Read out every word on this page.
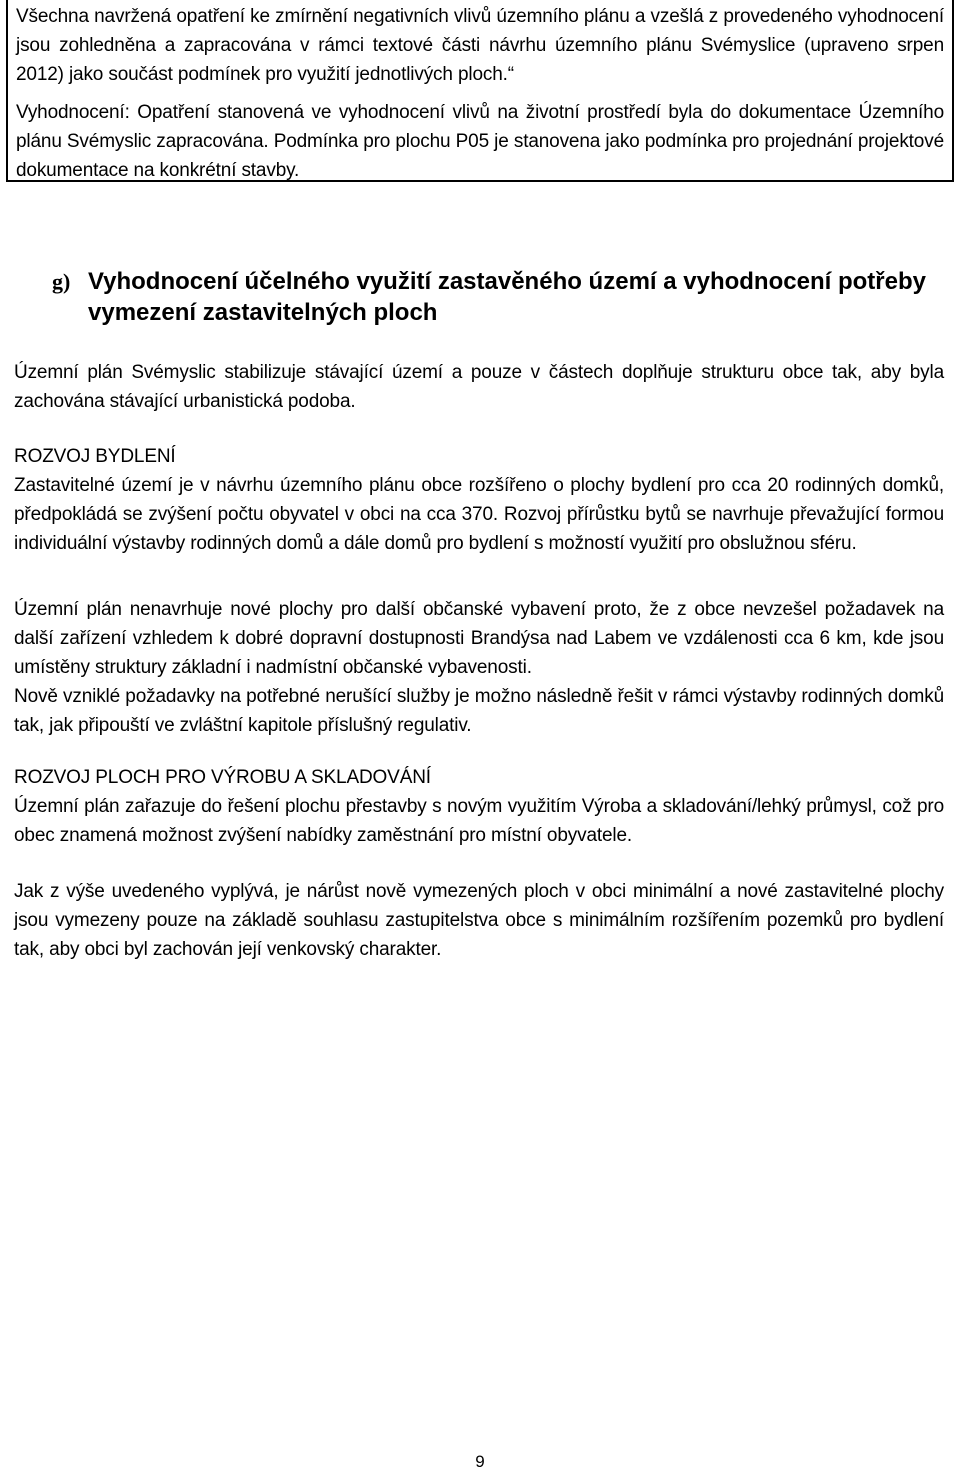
Všechna navržená opatření ke zmírnění negativních vlivů územního plánu a vzešlá z provedeného vyhodnocení jsou zohledněna a zapracována v rámci textové části návrhu územního plánu Svémyslice (upraveno srpen 2012) jako součást podmínek pro využití jednotlivých ploch.“

Vyhodnocení: Opatření stanovená ve vyhodnocení vlivů na životní prostředí byla do dokumentace Územního plánu Svémyslic zapracována. Podmínka pro plochu P05 je stanovena jako podmínka pro projednání projektové dokumentace na konkrétní stavby.

g) Vyhodnocení účelného využití zastavěného území a vyhodnocení potřeby
vymezení zastavitelných ploch

Územní plán Svémyslic stabilizuje stávající území a pouze v částech doplňuje strukturu obce tak, aby byla zachována stávající urbanistická podoba.

ROZVOJ BYDLENÍ

Zastavitelné území je v návrhu územního plánu obce rozšířeno o plochy bydlení pro cca 20 rodinných domků, předpokládá se zvýšení počtu obyvatel v obci na cca 370. Rozvoj přírůstku bytů se navrhuje převažující formou individuální výstavby rodinných domů a dále domů pro bydlení s možností využití pro obslužnou sféru.

Územní plán nenavrhuje nové plochy pro další občanské vybavení proto, že z obce nevzešel požadavek na další zařízení vzhledem k dobré dopravní dostupnosti Brandýsa nad Labem ve vzdálenosti cca 6 km, kde jsou umístěny struktury základní i nadmístní občanské vybavenosti.

Nově vzniklé požadavky na potřebné nerušící služby je možno následně řešit v rámci výstavby rodinných domků tak, jak připouští ve zvláštní kapitole příslušný regulativ.

ROZVOJ PLOCH PRO VÝROBU A SKLADOVÁNÍ

Územní plán zařazuje do řešení plochu přestavby s novým využitím Výroba a skladování/lehký průmysl, což pro obec znamená možnost zvýšení nabídky zaměstnání pro místní obyvatele.

Jak z výše uvedeného vyplývá, je nárůst nově vymezených ploch v obci minimální a nové zastavitelné plochy jsou vymezeny pouze na základě souhlasu zastupitelstva obce s minimálním rozšířením pozemků pro bydlení tak, aby obci byl zachován její venkovský charakter.

9
